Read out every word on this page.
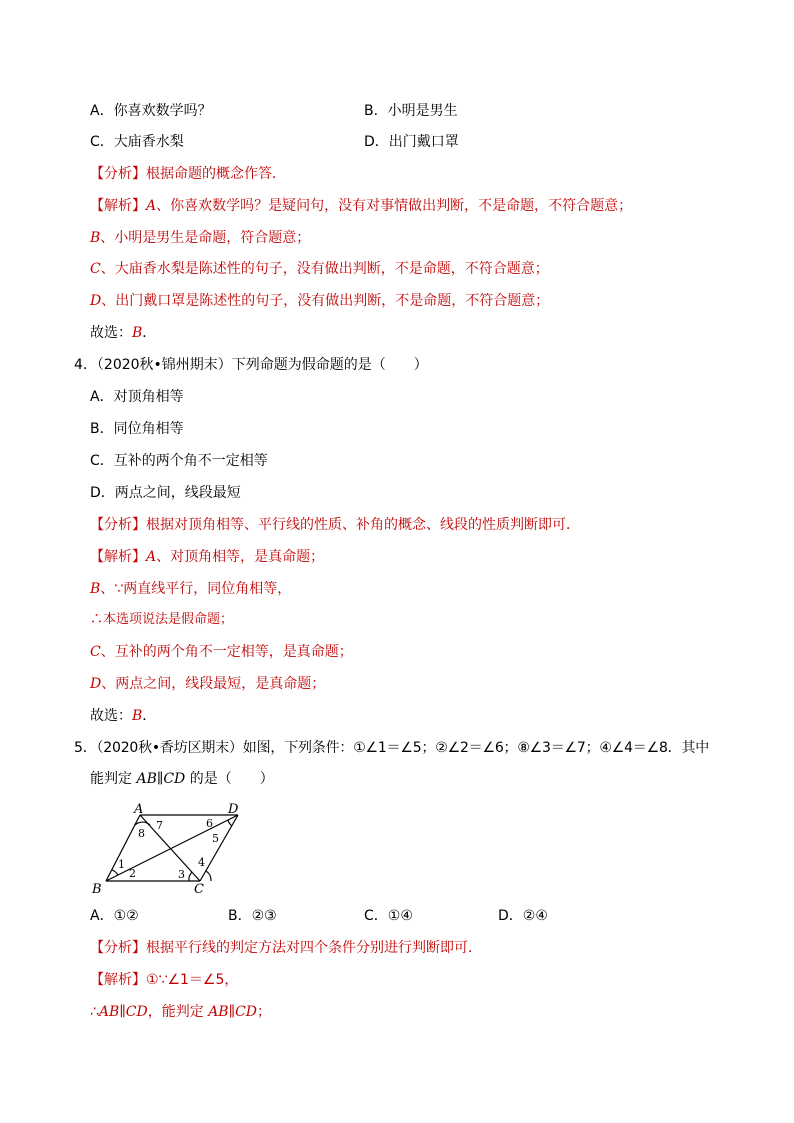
A．你喜欢数学吗？	B．小明是男生
C．大庙香水梨	D．出门戴口罩
【分析】根据命题的概念作答．
【解析】A、你喜欢数学吗？是疑问句，没有对事情做出判断，不是命题，不符合题意；
B、小明是男生是命题，符合题意；
C、大庙香水梨是陈述性的句子，没有做出判断，不是命题，不符合题意；
D、出门戴口罩是陈述性的句子，没有做出判断，不是命题，不符合题意；
故选：B．
4．（2020秋•锦州期末）下列命题为假命题的是（　　）
A．对顶角相等
B．同位角相等
C．互补的两个角不一定相等
D．两点之间，线段最短
【分析】根据对顶角相等、平行线的性质、补角的概念、线段的性质判断即可．
【解析】A、对顶角相等，是真命题；
B、∵两直线平行，同位角相等，
∴本选项说法是假命题；
C、互补的两个角不一定相等，是真命题；
D、两点之间，线段最短，是真命题；
故选：B．
5．（2020秋•香坊区期末）如图，下列条件：①∠1＝∠5；②∠2＝∠6；⑧∠3＝∠7；④∠4＝∠8．其中
能判定 AB∥CD 的是（　　）
A	D
B	C
8
7	6
5
1
2	3
4
A．①②	B．②③	C．①④	D．②④
【分析】根据平行线的判定方法对四个条件分别进行判断即可．
【解析】①∵∠1＝∠5，
∴AB∥CD，能判定 AB∥CD；
